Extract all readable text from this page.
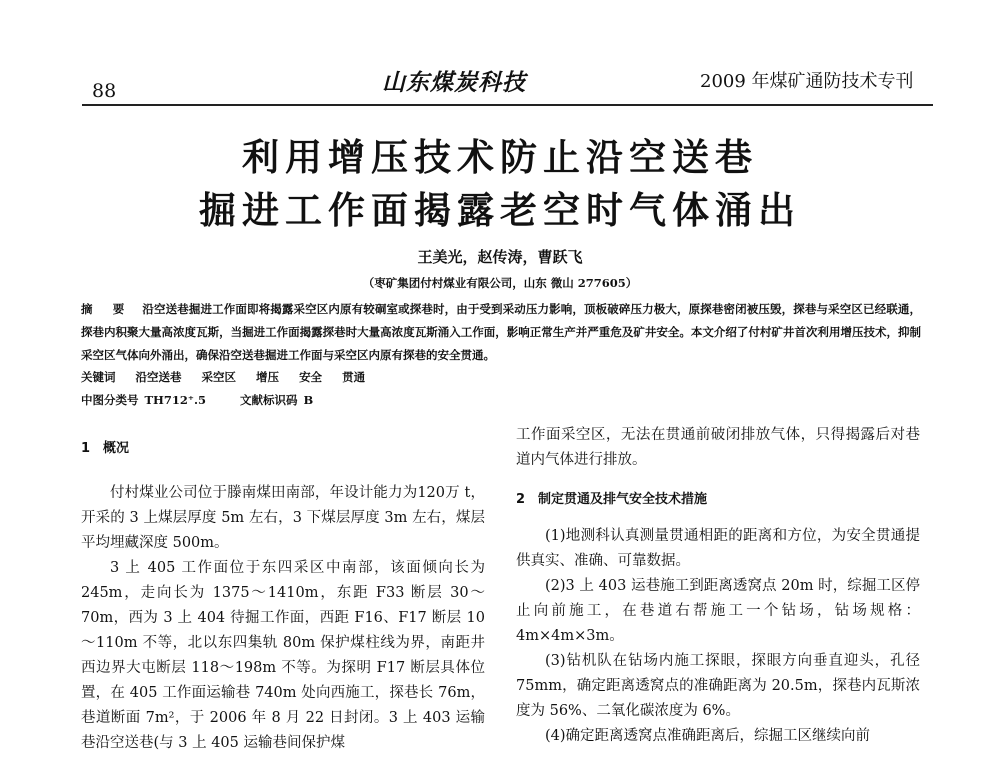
88	山东煤炭科技	2009 年煤矿通防技术专刊
利用增压技术防止沿空送巷
掘进工作面揭露老空时气体涌出
王美光，赵传涛，曹跃飞
（枣矿集团付村煤业有限公司，山东 微山 277605）
摘 要 沿空送巷掘进工作面即将揭露采空区内原有较硐室或探巷时，由于受到采动压力影响，顶板破碎压力极大，原探巷密闭被压毁，探巷与采空区已经联通，探巷内积聚大量高浓度瓦斯，当掘进工作面揭露探巷时大量高浓度瓦斯涌入工作面，影响正常生产并严重危及矿井安全。本文介绍了付村矿井首次利用增压技术，抑制采空区气体向外涌出，确保沿空送巷掘进工作面与采空区内原有探巷的安全贯通。
关键词 沿空送巷 采空区 增压 安全 贯通
中图分类号 TH712⁺.5	文献标识码 B

1　概况

付村煤业公司位于滕南煤田南部，年设计能力为120万 t，开采的 3 上煤层厚度 5m 左右，3 下煤层厚度 3m 左右，煤层平均埋藏深度 500m。

3 上 405 工作面位于东四采区中南部，该面倾向长为 245m，走向长为 1375～1410m，东距 F33 断层 30～70m，西为 3 上 404 待掘工作面，西距 F16、F17 断层 10～110m 不等，北以东四集轨 80m 保护煤柱线为界，南距井西边界大屯断层 118～198m 不等。为探明 F17 断层具体位置，在 405 工作面运输巷 740m 处向西施工，探巷长 76m，巷道断面 7m²，于 2006 年 8 月 22 日封闭。3 上 403 运输巷沿空送巷(与 3 上 405 运输巷间保护煤

工作面采空区，无法在贯通前破闭排放气体，只得揭露后对巷道内气体进行排放。

2　制定贯通及排气安全技术措施

(1)地测科认真测量贯通相距的距离和方位，为安全贯通提供真实、准确、可靠数据。

(2)3 上 403 运巷施工到距离透窝点 20m 时，综掘工区停止向前施工，在巷道右帮施工一个钻场，钻场规格：4m×4m×3m。

(3)钻机队在钻场内施工探眼，探眼方向垂直迎头，孔径 75mm，确定距离透窝点的准确距离为 20.5m，探巷内瓦斯浓度为 56%、二氧化碳浓度为 6%。

(4)确定距离透窝点准确距离后，综掘工区继续向前
